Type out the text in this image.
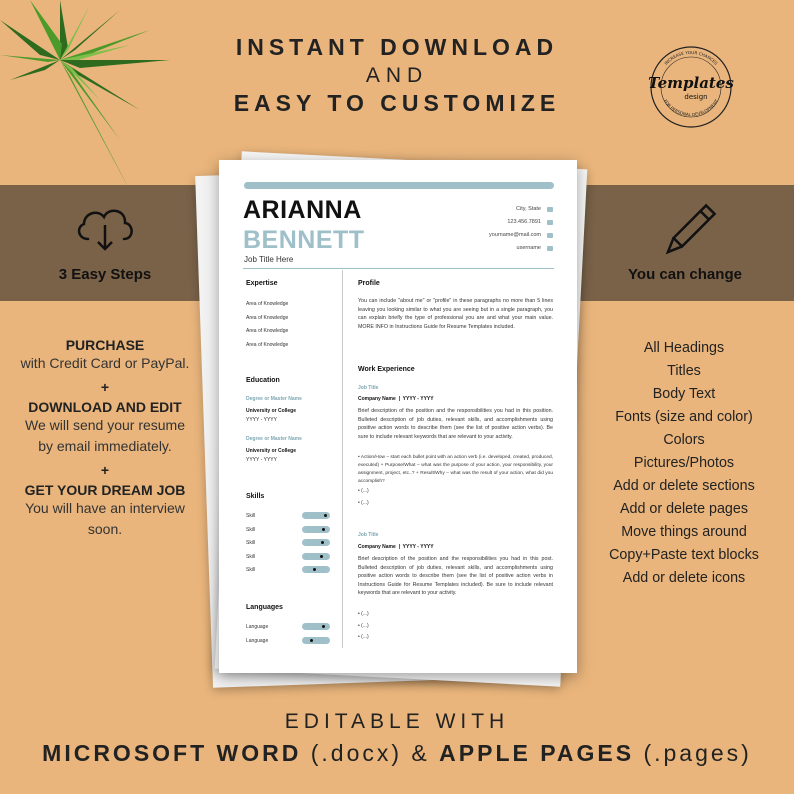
INSTANT DOWNLOAD
AND
EASY TO CUSTOMIZE
Templates
design
INCREASE YOUR CHANCES
FOR PERSONAL DEVELOPMENT
3 Easy Steps	You can change
PURCHASE
with Credit Card or PayPal.
+
DOWNLOAD AND EDIT
We will send your resume
by email immediately.
+
GET YOUR DREAM JOB
You will have an interview
soon.
All Headings
Titles
Body Text
Fonts (size and color)
Colors
Pictures/Photos
Add or delete sections
Add or delete pages
Move things around
Copy+Paste text blocks
Add or delete icons
ARIANNA
BENNETT
Job Title Here
City, State
123.456.7891
yourname@mail.com
username
Expertise
Area of Knowledge
Area of Knowledge
Area of Knowledge
Area of Knowledge
Education
Degree or Master Name
University or College
YYYY - YYYY
Degree or Master Name
University or College
YYYY - YYYY
Skills
Skill
Skill
Skill
Skill
Skill
Languages
Language
Language
Profile
You can include "about me" or "profile" in these paragraphs no more than 5 lines leaving you looking similar to what you are seeing but in a single paragraph, you can explain briefly the type of professional you are and what your main value. MORE INFO in Instructions Guide for Resume Templates included.
Work Experience
Job Title
Company Name  |  YYYY - YYYY
Brief description of the position and the responsibilities you had in this position. Bulleted description of job duties, relevant skills, and accomplishments using positive action words to describe them (see the list of positive action verbs). Be sure to include relevant keywords that are relevant to your activity.
• Action/How – start each bullet point with an action verb (i.e. developed, created, produced, executed) + Purpose/What – what was the purpose of your action, your responsibility, your assignment, project, etc..? + Result/Why – what was the result of your action, what did you accomplish?
• (...)
• (...)
Job Title
Company Name  |  YYYY - YYYY
Brief description of the position and the responsibilities you had in this post. Bulleted description of job duties, relevant skills, and accomplishments using positive action words to describe them (see the list of positive action verbs in Instructions Guide for Resume Templates included). Be sure to include relevant keywords that are relevant to your activity.
• (...)
• (...)
• (...)
EDITABLE WITH
MICROSOFT WORD (.docx) & APPLE PAGES (.pages)
